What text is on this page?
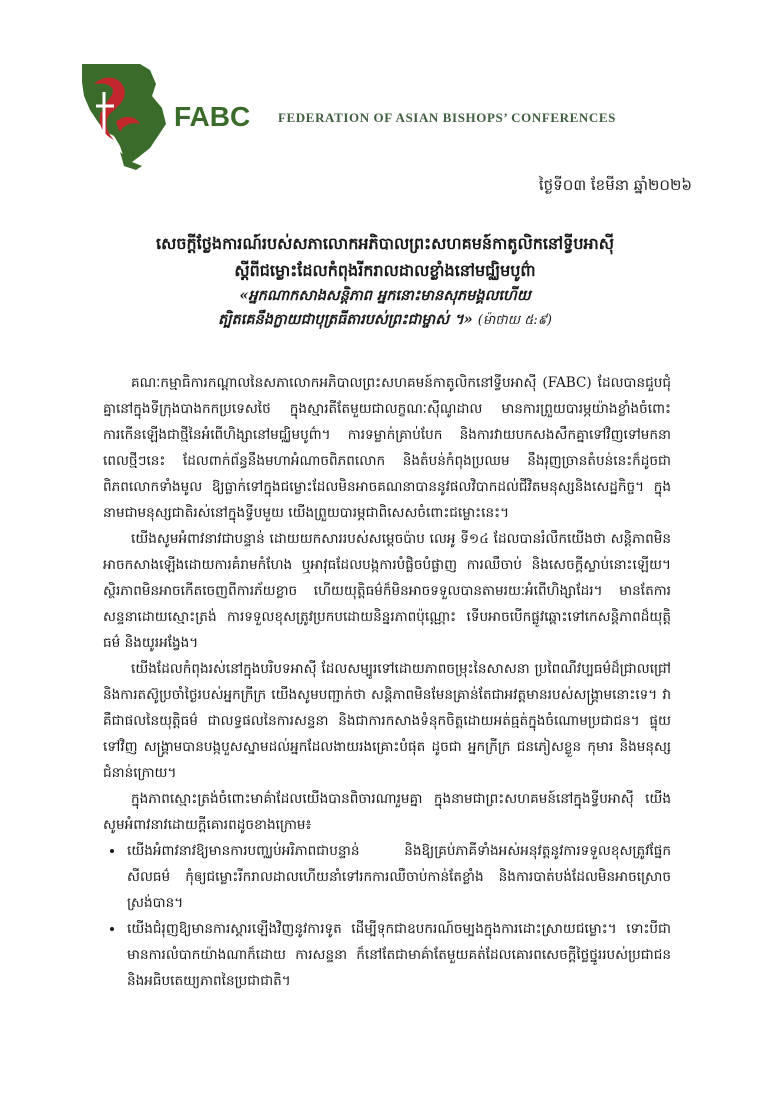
FABC FEDERATION OF ASIAN BISHOPS’ CONFERENCES
ថ្ងៃទី០៣ ខែមីនា ឆ្នាំ២០២៦
សេចក្តីថ្លែងការណ៍របស់សភាលោកអភិបាលព្រះសហគមន៍កាតូលិកនៅទ្វីបអាស៊ី
ស្តីពីជម្លោះដែលកំពុងរីករាលដាលខ្លាំងនៅមជ្ឈិមបូព៌ា
«អ្នកណាកសាងសន្តិភាព អ្នកនោះមានសុភមង្គលហើយ
ត្បិតគេនឹងក្លាយជាបុត្រធីតារបស់ព្រះជាម្ចាស់ ។» (ម៉ាថាយ ៥:៩)

គណៈកម្មាធិការកណ្តាលនៃសភាលោកអភិបាលព្រះសហគមន៍កាតូលិកនៅទ្វីបអាស៊ី (FABC) ដែលបានជួបជុំគ្នានៅក្នុងទីក្រុងបាងកកប្រទេសថៃ ក្នុងស្មារតីតែមួយជាលក្ខណៈស៊ីណូដាល មានការព្រួយបារម្ភយ៉ាងខ្លាំងចំពោះការកើនឡើងជាថ្មីនៃអំពើហិង្សានៅមជ្ឈិមបូព៌ា។ ការទម្លាក់គ្រាប់បែក និងការវាយបកសងសឹកគ្នាទៅវិញទៅមកនាពេលថ្មីៗនេះ ដែលពាក់ព័ន្ធនឹងមហាអំណាចពិភពលោក និងតំបន់កំពុងប្រឈម នឹងរុញច្រានតំបន់នេះក៏ដូចជាពិភពលោកទាំងមូល ឱ្យធ្លាក់ទៅក្នុងជម្លោះដែលមិនអាចគណនាបាននូវផលវិបាកដល់ជីវិតមនុស្សនិងសេដ្ឋកិច្ច។ ក្នុងនាមជាមនុស្សជាតិរស់នៅក្នុងទ្វីបមួយ យើងព្រួយបារម្ភជាពិសេសចំពោះជម្លោះនេះ។

យើងសូមអំពាវនាវជាបន្ទាន់ ដោយយកសាររបស់សម្តេចប៉ាប លេអូ ទី១៤ ដែលបានរំលឹកយើងថា សន្តិភាពមិនអាចកសាងឡើងដោយការគំរាមកំហែង ឬអាវុធដែលបង្កការបំផ្លិចបំផ្លាញ ការឈឺចាប់ និងសេចក្តីស្លាប់នោះឡើយ។ ស្ថិរភាពមិនអាចកើតចេញពីការភ័យខ្លាច ហើយយុត្តិធម៌ក៏មិនអាចទទួលបានតាមរយៈអំពើហិង្សាដែរ។ មានតែការសន្ទនាដោយស្មោះត្រង់ ការទទួលខុសត្រូវប្រកបដោយនិន្នរភាពប៉ុណ្ណោះ ទើបអាចបើកផ្លូវឆ្ពោះទៅកេសន្តិភាពដ៏យុត្តិធម៌ និងយូរអង្វែង។

យើងដែលកំពុងរស់នៅក្នុងបរិបទអាស៊ី ដែលសម្បូរទៅដោយភាពចម្រុះនៃសាសនា ប្រពៃណីវប្បធម៌ដ៏ជ្រាលជ្រៅ និងការតស៊ូប្រចាំថ្ងៃរបស់អ្នកក្រីក្រ យើងសូមបញ្ជាក់ថា សន្តិភាពមិនមែនគ្រាន់តែជាអវត្តមានរបស់សង្គ្រាមនោះទេ។ វាគឺជាផលនៃយុត្តិធម៌ ជាលទ្ធផលនៃការសន្ទនា និងជាការកសាងទំនុកចិត្តដោយអត់ធ្មត់ក្នុងចំណោមប្រជាជន។ ផ្ទុយទៅវិញ សង្គ្រាមបានបង្កបួសស្នាមដល់អ្នកដែលងាយរងគ្រោះបំផុត ដូចជា អ្នកក្រីក្រ ជនភៀសខ្លួន កុមារ និងមនុស្សជំនាន់ក្រោយ។

ក្នុងភាពស្មោះត្រង់ចំពោះមាគ៌ាដែលយើងបានពិចារណារួមគ្នា ក្នុងនាមជាព្រះសហគមន៍នៅក្នុងទ្វីបអាស៊ី យើងសូមអំពាវនាវដោយក្តីគោរពដូចខាងក្រោម៖

• យើងអំពាវនាវឱ្យមានការបញ្ឈប់អរិភាពជាបន្ទាន់ និងឱ្យគ្រប់ភាគីទាំងអស់អនុវត្តនូវការទទួលខុសត្រូវផ្នែកសីលធម៌ កុំឲ្យជម្លោះរីករាលដាលហើយនាំទៅរកការឈឺចាប់កាន់តែខ្លាំង និងការបាត់បង់ដែលមិនអាចស្រោចស្រង់បាន។
• យើងជំរុញឱ្យមានការស្តារឡើងវិញនូវការទូត ដើម្បីទុកជាឧបករណ៍ចម្បងក្នុងការដោះស្រាយជម្លោះ។ ទោះបីជាមានការលំបាកយ៉ាងណាក៏ដោយ ការសន្ទនា ក៏នៅតែជាមាគ៌ាតែមួយគត់ដែលគោរពសេចក្តីថ្លៃថ្នូររបស់ប្រជាជន និងអធិបតេយ្យភាពនៃប្រជាជាតិ។
